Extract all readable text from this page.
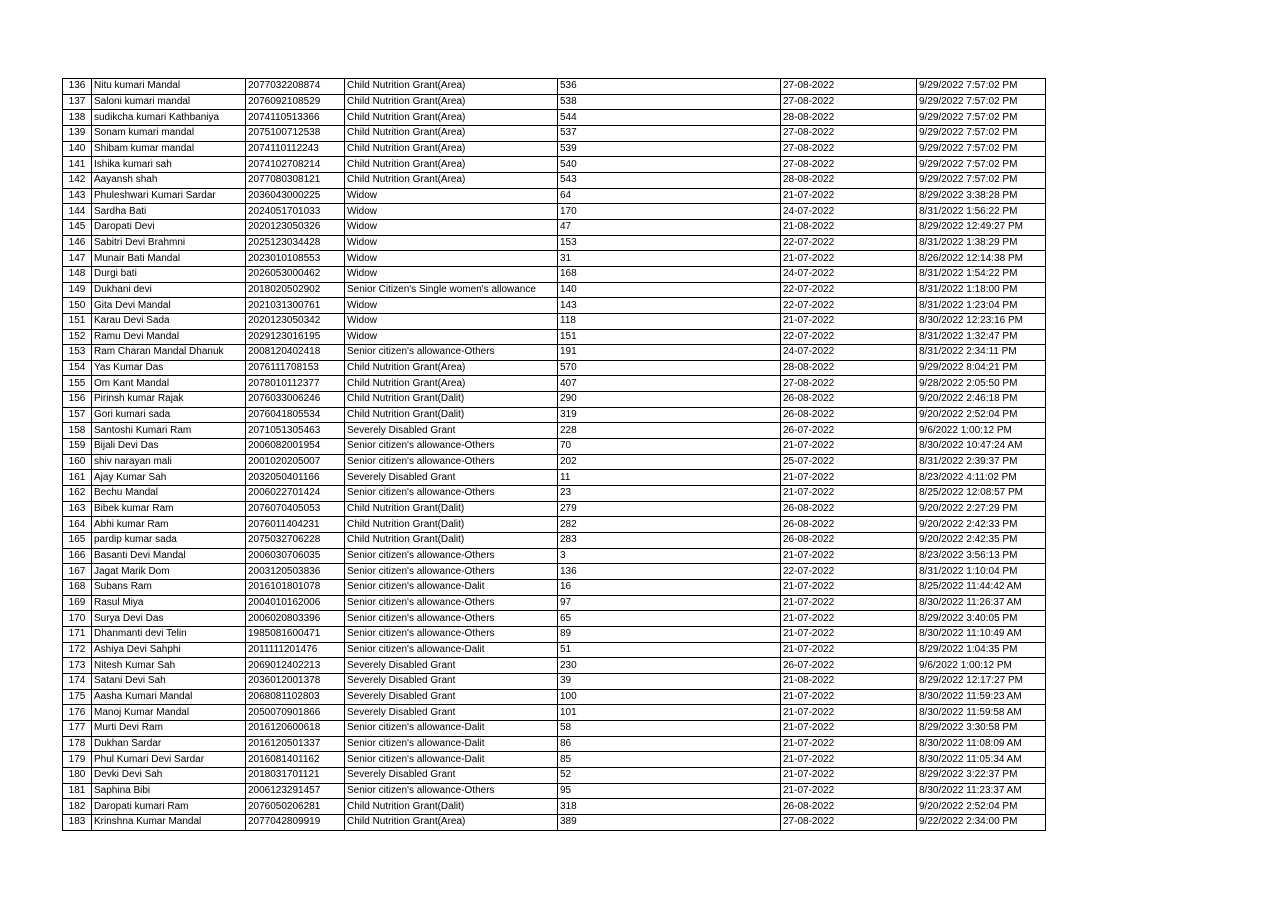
136	Nitu kumari Mandal	2077032208874	Child Nutrition Grant(Area)	536	27-08-2022	9/29/2022 7:57:02 PM
137	Saloni kumari mandal	2076092108529	Child Nutrition Grant(Area)	538	27-08-2022	9/29/2022 7:57:02 PM
138	sudikcha kumari Kathbaniya	2074110513366	Child Nutrition Grant(Area)	544	28-08-2022	9/29/2022 7:57:02 PM
139	Sonam kumari mandal	2075100712538	Child Nutrition Grant(Area)	537	27-08-2022	9/29/2022 7:57:02 PM
140	Shibam kumar mandal	2074110112243	Child Nutrition Grant(Area)	539	27-08-2022	9/29/2022 7:57:02 PM
141	Ishika kumari sah	2074102708214	Child Nutrition Grant(Area)	540	27-08-2022	9/29/2022 7:57:02 PM
142	Aayansh shah	2077080308121	Child Nutrition Grant(Area)	543	28-08-2022	9/29/2022 7:57:02 PM
143	Phuleshwari Kumari Sardar	2036043000225	Widow	64	21-07-2022	8/29/2022 3:38:28 PM
144	Sardha Bati	2024051701033	Widow	170	24-07-2022	8/31/2022 1:56:22 PM
145	Daropati Devi	2020123050326	Widow	47	21-08-2022	8/29/2022 12:49:27 PM
146	Sabitri Devi Brahmni	2025123034428	Widow	153	22-07-2022	8/31/2022 1:38:29 PM
147	Munair Bati Mandal	2023010108553	Widow	31	21-07-2022	8/26/2022 12:14:38 PM
148	Durgi bati	2026053000462	Widow	168	24-07-2022	8/31/2022 1:54:22 PM
149	Dukhani devi	2018020502902	Senior Citizen's Single women's allowance	140	22-07-2022	8/31/2022 1:18:00 PM
150	Gita Devi Mandal	2021031300761	Widow	143	22-07-2022	8/31/2022 1:23:04 PM
151	Karau Devi Sada	2020123050342	Widow	118	21-07-2022	8/30/2022 12:23:16 PM
152	Ramu Devi Mandal	2029123016195	Widow	151	22-07-2022	8/31/2022 1:32:47 PM
153	Ram Charan Mandal Dhanuk	2008120402418	Senior citizen's allowance-Others	191	24-07-2022	8/31/2022 2:34:11 PM
154	Yas Kumar Das	2076111708153	Child Nutrition Grant(Area)	570	28-08-2022	9/29/2022 8:04:21 PM
155	Om Kant Mandal	2078010112377	Child Nutrition Grant(Area)	407	27-08-2022	9/28/2022 2:05:50 PM
156	Pirinsh kumar Rajak	2076033006246	Child Nutrition Grant(Dalit)	290	26-08-2022	9/20/2022 2:46:18 PM
157	Gori kumari sada	2076041805534	Child Nutrition Grant(Dalit)	319	26-08-2022	9/20/2022 2:52:04 PM
158	Santoshi Kumari Ram	2071051305463	Severely Disabled Grant	228	26-07-2022	9/6/2022 1:00:12 PM
159	Bijali Devi Das	2006082001954	Senior citizen's allowance-Others	70	21-07-2022	8/30/2022 10:47:24 AM
160	shiv narayan mali	2001020205007	Senior citizen's allowance-Others	202	25-07-2022	8/31/2022 2:39:37 PM
161	Ajay Kumar Sah	2032050401166	Severely Disabled Grant	11	21-07-2022	8/23/2022 4:11:02 PM
162	Bechu Mandal	2006022701424	Senior citizen's allowance-Others	23	21-07-2022	8/25/2022 12:08:57 PM
163	Bibek kumar Ram	2076070405053	Child Nutrition Grant(Dalit)	279	26-08-2022	9/20/2022 2:27:29 PM
164	Abhi kumar Ram	2076011404231	Child Nutrition Grant(Dalit)	282	26-08-2022	9/20/2022 2:42:33 PM
165	pardip kumar sada	2075032706228	Child Nutrition Grant(Dalit)	283	26-08-2022	9/20/2022 2:42:35 PM
166	Basanti Devi Mandal	2006030706035	Senior citizen's allowance-Others	3	21-07-2022	8/23/2022 3:56:13 PM
167	Jagat Marik Dom	2003120503836	Senior citizen's allowance-Others	136	22-07-2022	8/31/2022 1:10:04 PM
168	Subans Ram	2016101801078	Senior citizen's allowance-Dalit	16	21-07-2022	8/25/2022 11:44:42 AM
169	Rasul Miya	2004010162006	Senior citizen's allowance-Others	97	21-07-2022	8/30/2022 11:26:37 AM
170	Surya Devi Das	2006020803396	Senior citizen's allowance-Others	65	21-07-2022	8/29/2022 3:40:05 PM
171	Dhanmanti devi Telin	1985081600471	Senior citizen's allowance-Others	89	21-07-2022	8/30/2022 11:10:49 AM
172	Ashiya Devi Sahphi	2011111201476	Senior citizen's allowance-Dalit	51	21-07-2022	8/29/2022 1:04:35 PM
173	Nitesh Kumar Sah	2069012402213	Severely Disabled Grant	230	26-07-2022	9/6/2022 1:00:12 PM
174	Satani Devi Sah	2036012001378	Severely Disabled Grant	39	21-08-2022	8/29/2022 12:17:27 PM
175	Aasha Kumari Mandal	2068081102803	Severely Disabled Grant	100	21-07-2022	8/30/2022 11:59:23 AM
176	Manoj Kumar Mandal	2050070901866	Severely Disabled Grant	101	21-07-2022	8/30/2022 11:59:58 AM
177	Murti Devi Ram	2016120600618	Senior citizen's allowance-Dalit	58	21-07-2022	8/29/2022 3:30:58 PM
178	Dukhan Sardar	2016120501337	Senior citizen's allowance-Dalit	86	21-07-2022	8/30/2022 11:08:09 AM
179	Phul Kumari Devi Sardar	2016081401162	Senior citizen's allowance-Dalit	85	21-07-2022	8/30/2022 11:05:34 AM
180	Devki Devi Sah	2018031701121	Severely Disabled Grant	52	21-07-2022	8/29/2022 3:22:37 PM
181	Saphina Bibi	2006123291457	Senior citizen's allowance-Others	95	21-07-2022	8/30/2022 11:23:37 AM
182	Daropati kumari Ram	2076050206281	Child Nutrition Grant(Dalit)	318	26-08-2022	9/20/2022 2:52:04 PM
183	Krinshna Kumar Mandal	2077042809919	Child Nutrition Grant(Area)	389	27-08-2022	9/22/2022 2:34:00 PM
